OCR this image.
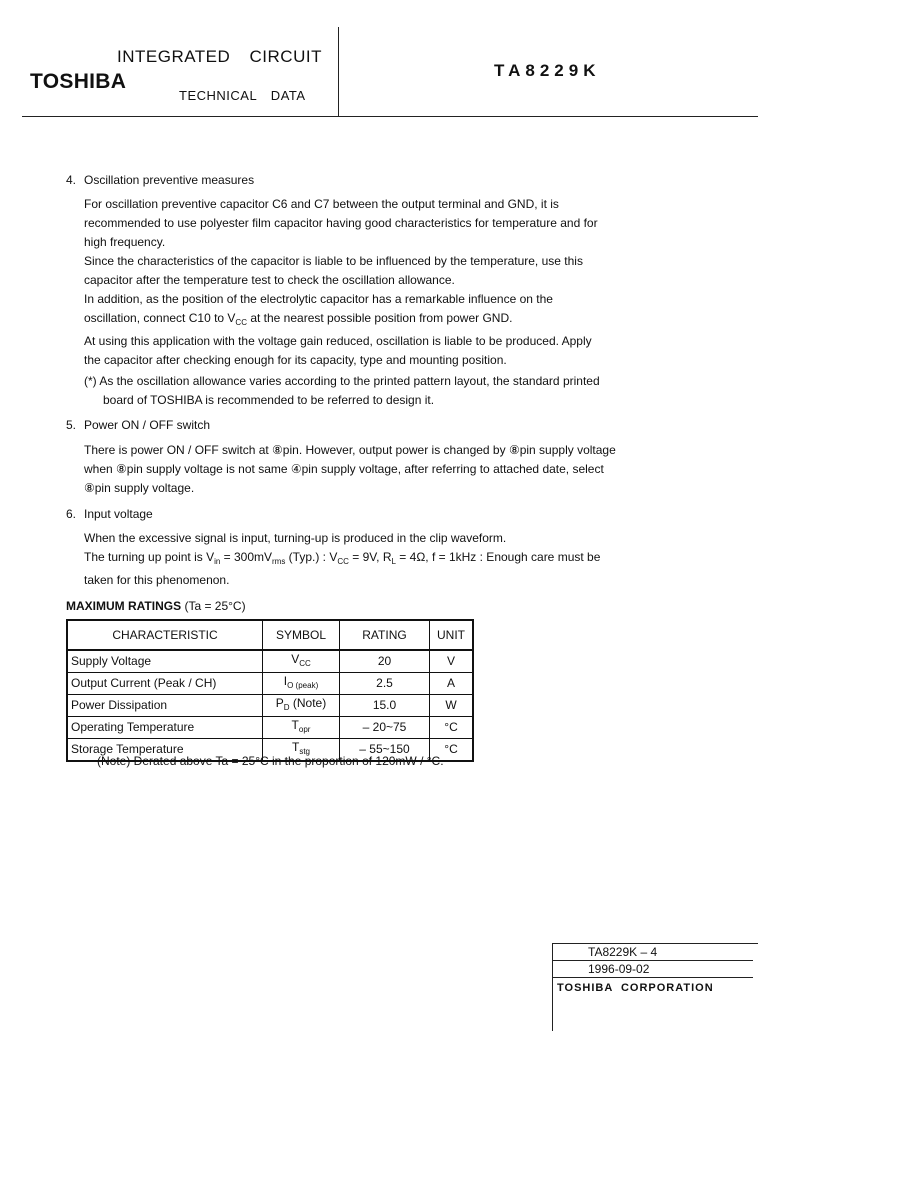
INTEGRATED CIRCUIT
TOSHIBA
TECHNICAL DATA
TA8229K
4. Oscillation preventive measures
For oscillation preventive capacitor C6 and C7 between the output terminal and GND, it is
recommended to use polyester film capacitor having good characteristics for temperature and for
high frequency.
Since the characteristics of the capacitor is liable to be influenced by the temperature, use this
capacitor after the temperature test to check the oscillation allowance.
In addition, as the position of the electrolytic capacitor has a remarkable influence on the
oscillation, connect C10 to $V_{CC}$ at the nearest possible position from power GND.
At using this application with the voltage gain reduced, oscillation is liable to be produced. Apply
the capacitor after checking enough for its capacity, type and mounting position.
(*) As the oscillation allowance varies according to the printed pattern layout, the standard printed
board of TOSHIBA is recommended to be referred to design it.
5. Power ON / OFF switch
There is power ON / OFF switch at ⑧pin. However, output power is changed by ⑧pin supply voltage
when ⑧pin supply voltage is not same ④pin supply voltage, after referring to attached date, select
⑧pin supply voltage.
6. Input voltage
When the excessive signal is input, turning-up is produced in the clip waveform.
The turning up point is $V_{in} = 300mV_{rms}$ (Typ.) : $V_{CC} = 9V$, $R_L = 4\Omega$, f = 1kHz : Enough care must be
taken for this phenomenon.
MAXIMUM RATINGS (Ta = 25°C)
CHARACTERISTIC	SYMBOL	RATING	UNIT
Supply Voltage	$V_{CC}$	20	V
Output Current (Peak / CH)	$I_{O (peak)}$	2.5	A
Power Dissipation	$P_D$ (Note)	15.0	W
Operating Temperature	$T_{opr}$	– 20~75	°C
Storage Temperature	$T_{stg}$	– 55~150	°C
(Note) Derated above Ta = 25°C in the proportion of 120mW / °C.
TA8229K – 4
1996-09-02
TOSHIBA CORPORATION
